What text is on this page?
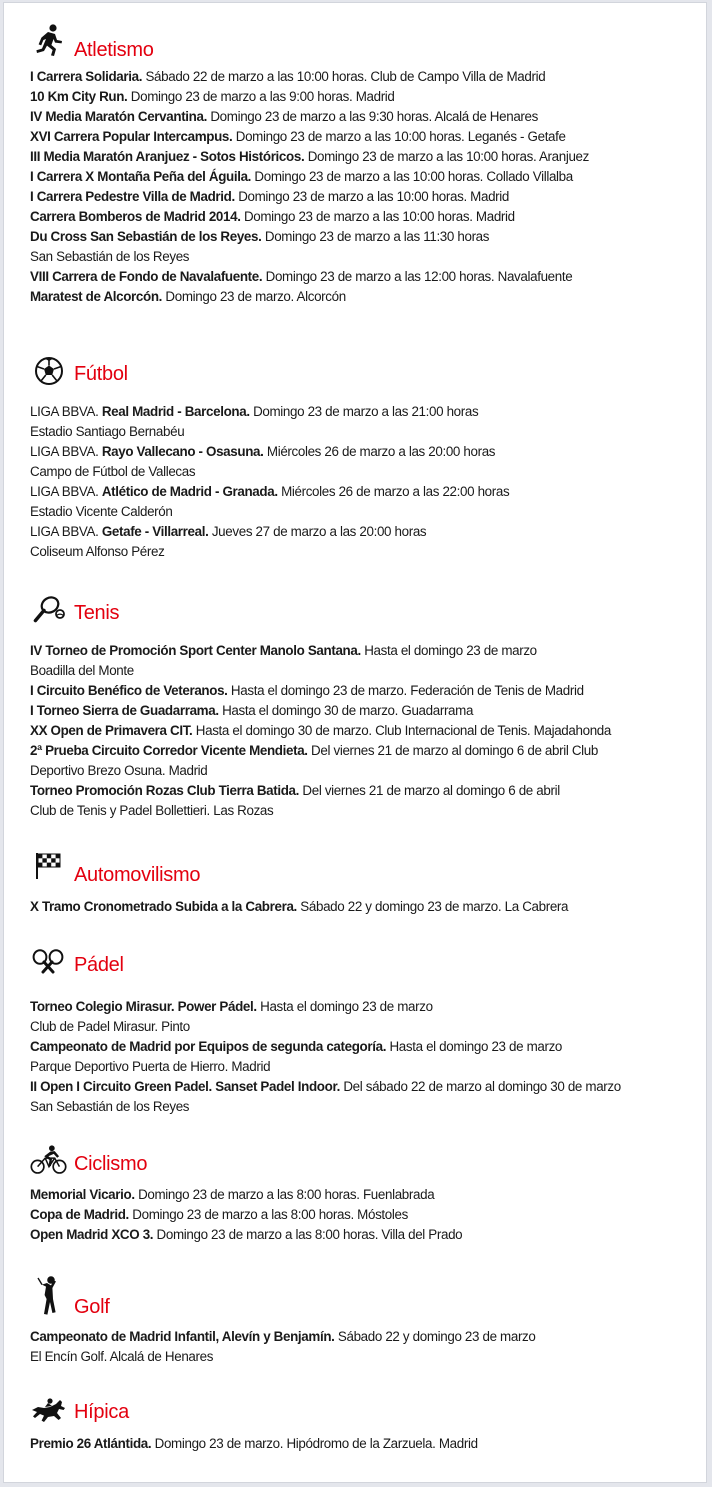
Atletismo
I Carrera Solidaria. Sábado 22 de marzo a las 10:00 horas. Club de Campo Villa de Madrid
10 Km City Run. Domingo 23 de marzo a las 9:00 horas. Madrid
IV Media Maratón Cervantina. Domingo 23 de marzo a las 9:30 horas. Alcalá de Henares
XVI Carrera Popular Intercampus. Domingo 23 de marzo a las 10:00 horas. Leganés - Getafe
III Media Maratón Aranjuez - Sotos Históricos. Domingo 23 de marzo a las 10:00 horas. Aranjuez
I Carrera X Montaña Peña del Águila. Domingo 23 de marzo a las 10:00 horas. Collado Villalba
I Carrera Pedestre Villa de Madrid. Domingo 23 de marzo a las 10:00 horas. Madrid
Carrera Bomberos de Madrid 2014. Domingo 23 de marzo a las 10:00 horas. Madrid
Du Cross San Sebastián de los Reyes. Domingo 23 de marzo a las 11:30 horas
San Sebastián de los Reyes
VIII Carrera de Fondo de Navalafuente. Domingo 23 de marzo a las 12:00 horas. Navalafuente
Maratest de Alcorcón. Domingo 23 de marzo. Alcorcón
Fútbol
LIGA BBVA. Real Madrid - Barcelona. Domingo 23 de marzo a las 21:00 horas
Estadio Santiago Bernabéu
LIGA BBVA. Rayo Vallecano - Osasuna. Miércoles 26 de marzo a las 20:00 horas
Campo de Fútbol de Vallecas
LIGA BBVA. Atlético de Madrid - Granada. Miércoles 26 de marzo a las 22:00 horas
Estadio Vicente Calderón
LIGA BBVA. Getafe - Villarreal. Jueves 27 de marzo a las 20:00 horas
Coliseum Alfonso Pérez
Tenis
IV Torneo de Promoción Sport Center Manolo Santana. Hasta el domingo 23 de marzo
Boadilla del Monte
I Circuito Benéfico de Veteranos. Hasta el domingo 23 de marzo. Federación de Tenis de Madrid
I Torneo Sierra de Guadarrama. Hasta el domingo 30 de marzo. Guadarrama
XX Open de Primavera CIT. Hasta el domingo 30 de marzo. Club Internacional de Tenis. Majadahonda
2ª Prueba Circuito Corredor Vicente Mendieta. Del viernes 21 de marzo al domingo 6 de abril Club
Deportivo Brezo Osuna. Madrid
Torneo Promoción Rozas Club Tierra Batida. Del viernes 21 de marzo al domingo 6 de abril
Club de Tenis y Padel Bollettieri. Las Rozas
Automovilismo
X Tramo Cronometrado Subida a la Cabrera. Sábado 22 y domingo 23 de marzo. La Cabrera
Pádel
Torneo Colegio Mirasur. Power Pádel. Hasta el domingo 23 de marzo
Club de Padel Mirasur. Pinto
Campeonato de Madrid por Equipos de segunda categoría. Hasta el domingo 23 de marzo
Parque Deportivo Puerta de Hierro. Madrid
II Open I Circuito Green Padel. Sanset Padel Indoor. Del sábado 22 de marzo al domingo 30 de marzo
San Sebastián de los Reyes
Ciclismo
Memorial Vicario. Domingo 23 de marzo a las 8:00 horas. Fuenlabrada
Copa de Madrid. Domingo 23 de marzo a las 8:00 horas. Móstoles
Open Madrid XCO 3. Domingo 23 de marzo a las 8:00 horas. Villa del Prado
Golf
Campeonato de Madrid Infantil, Alevín y Benjamín. Sábado 22 y domingo 23 de marzo
El Encín Golf. Alcalá de Henares
Hípica
Premio 26 Atlántida. Domingo 23 de marzo. Hipódromo de la Zarzuela. Madrid
